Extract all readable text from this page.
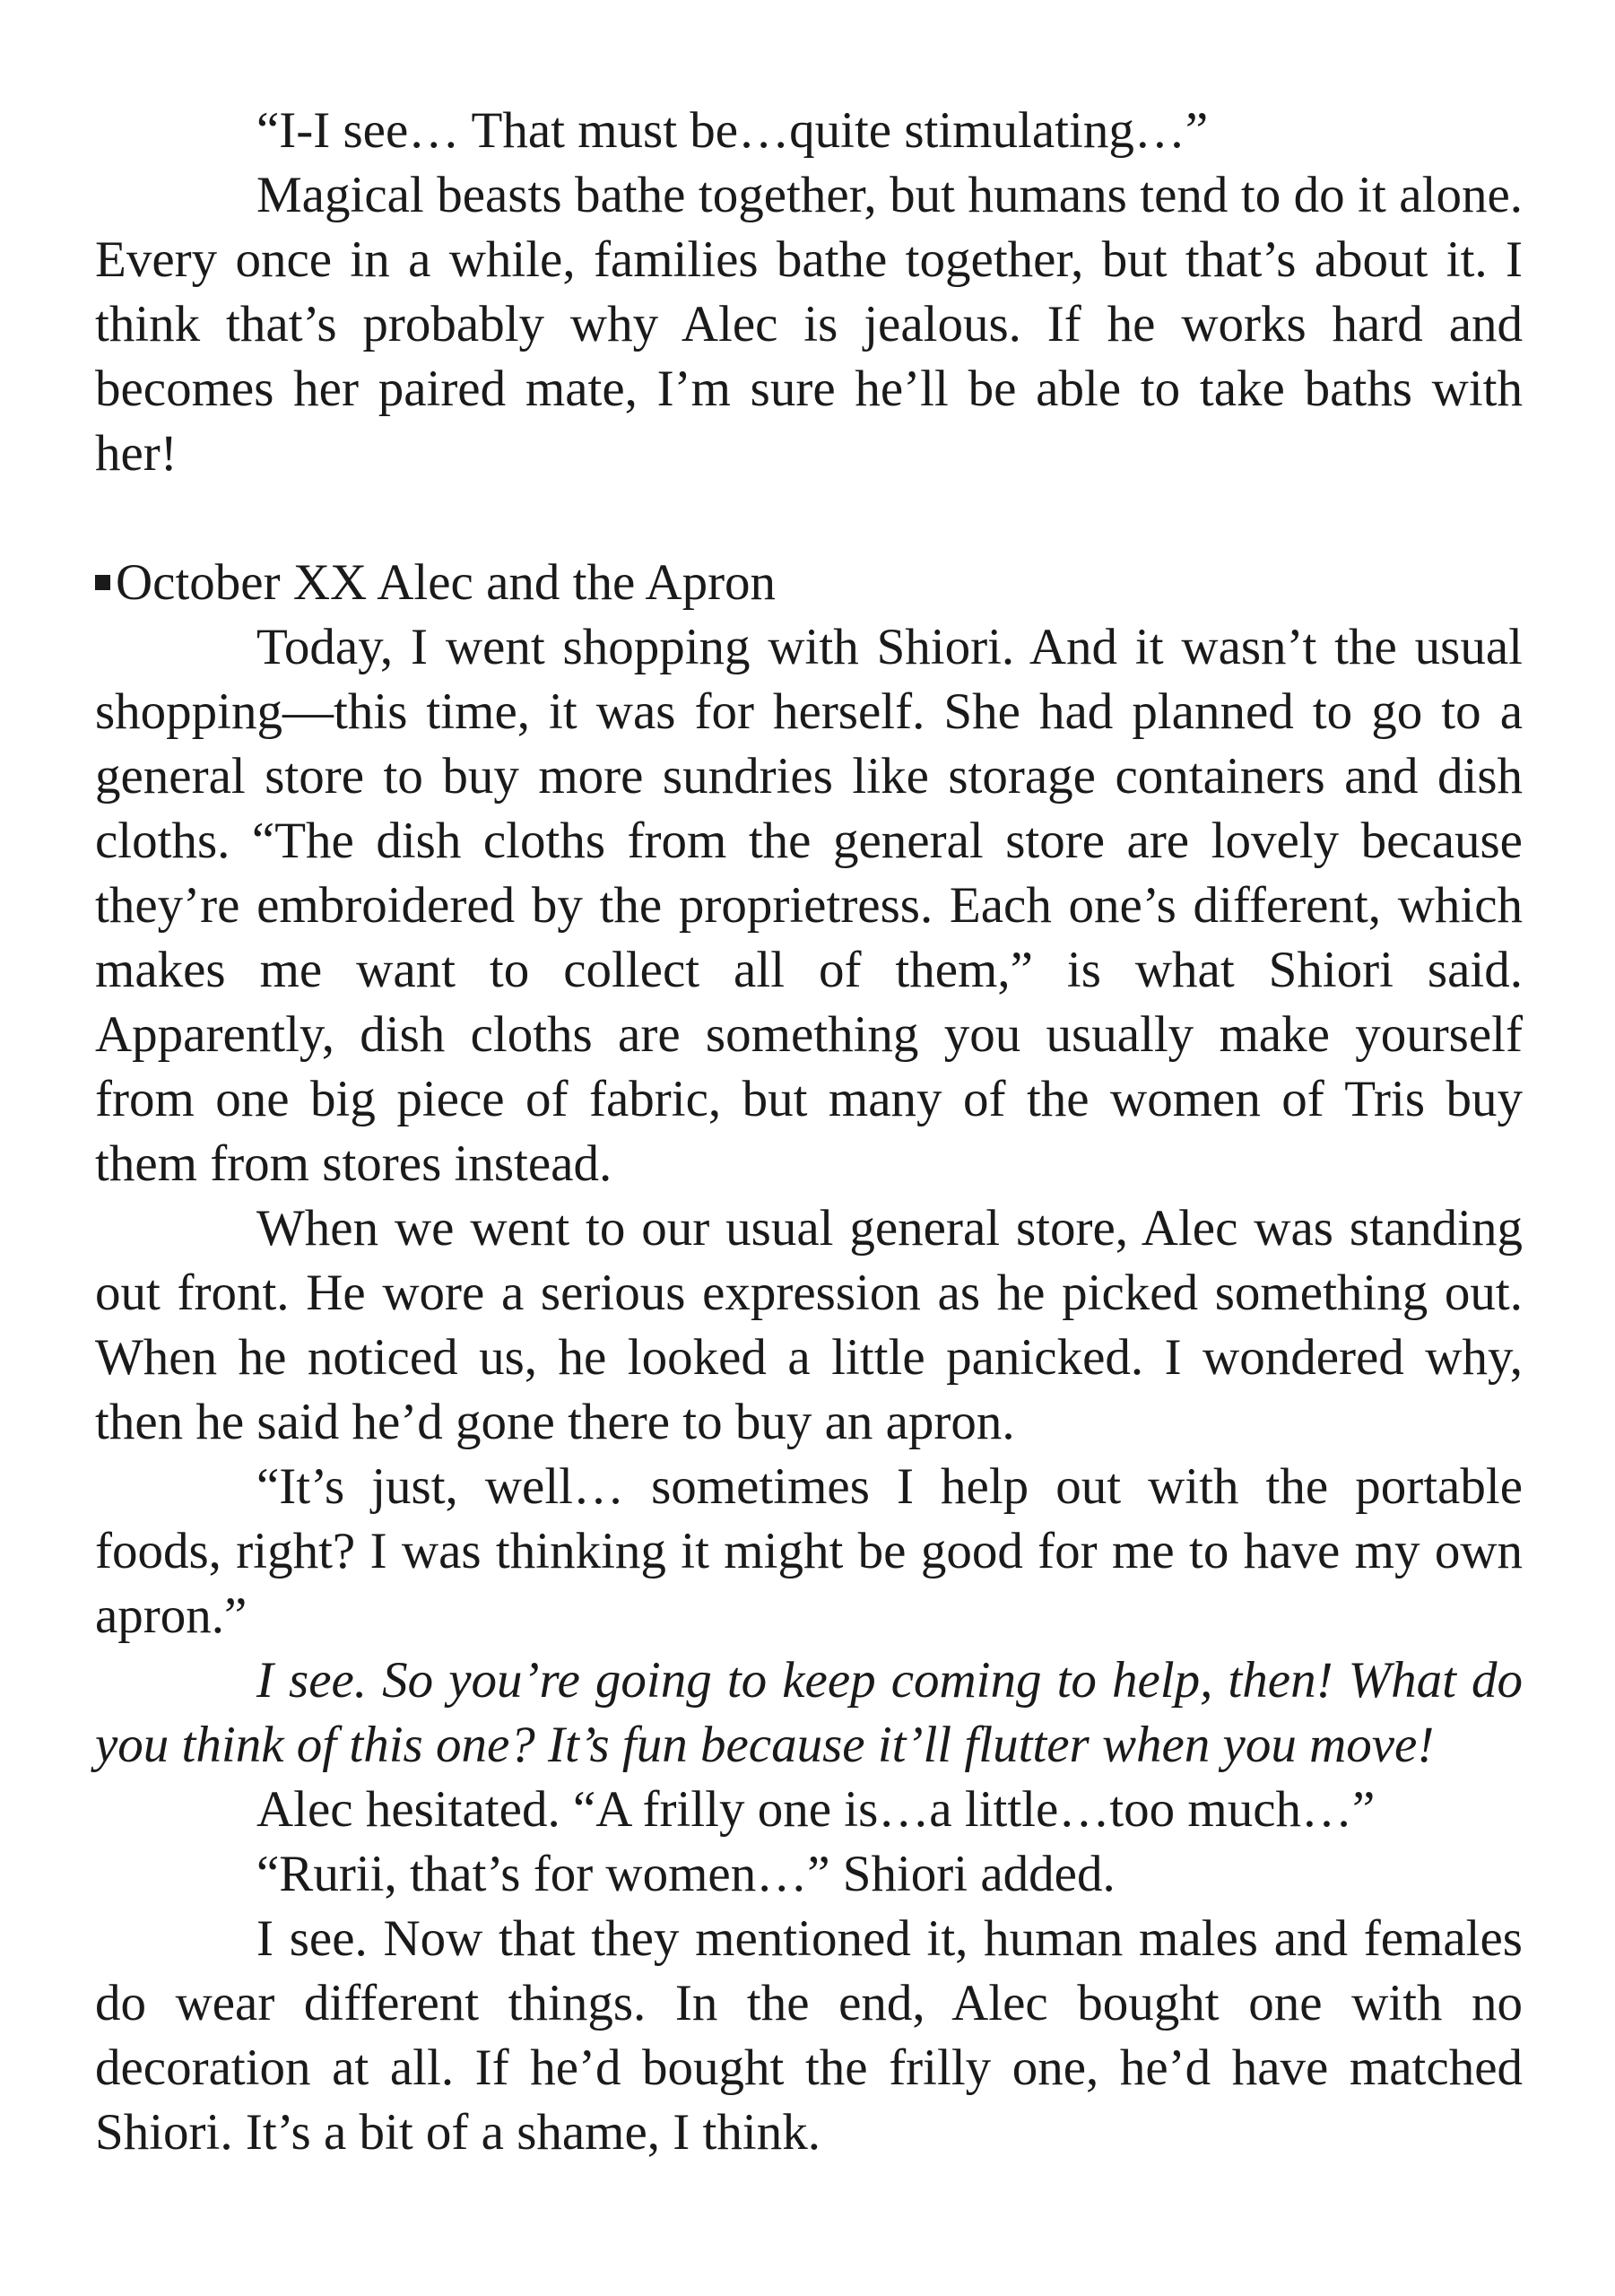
“I-I see… That must be…quite stimulating…”

Magical beasts bathe together, but humans tend to do it alone. Every once in a while, families bathe together, but that’s about it. I think that’s probably why Alec is jealous. If he works hard and becomes her paired mate, I’m sure he’ll be able to take baths with her!

October XX Alec and the Apron

Today, I went shopping with Shiori. And it wasn’t the usual shopping—this time, it was for herself. She had planned to go to a general store to buy more sundries like storage containers and dish cloths. “The dish cloths from the general store are lovely because they’re embroidered by the proprietress. Each one’s different, which makes me want to collect all of them,” is what Shiori said. Apparently, dish cloths are something you usually make yourself from one big piece of fabric, but many of the women of Tris buy them from stores instead.

When we went to our usual general store, Alec was standing out front. He wore a serious expression as he picked something out. When he noticed us, he looked a little panicked. I wondered why, then he said he’d gone there to buy an apron.

“It’s just, well… sometimes I help out with the portable foods, right? I was thinking it might be good for me to have my own apron.”

I see. So you’re going to keep coming to help, then! What do you think of this one? It’s fun because it’ll flutter when you move!

Alec hesitated. “A frilly one is…a little…too much…”

“Rurii, that’s for women…” Shiori added.

I see. Now that they mentioned it, human males and females do wear different things. In the end, Alec bought one with no decoration at all. If he’d bought the frilly one, he’d have matched Shiori. It’s a bit of a shame, I think.
